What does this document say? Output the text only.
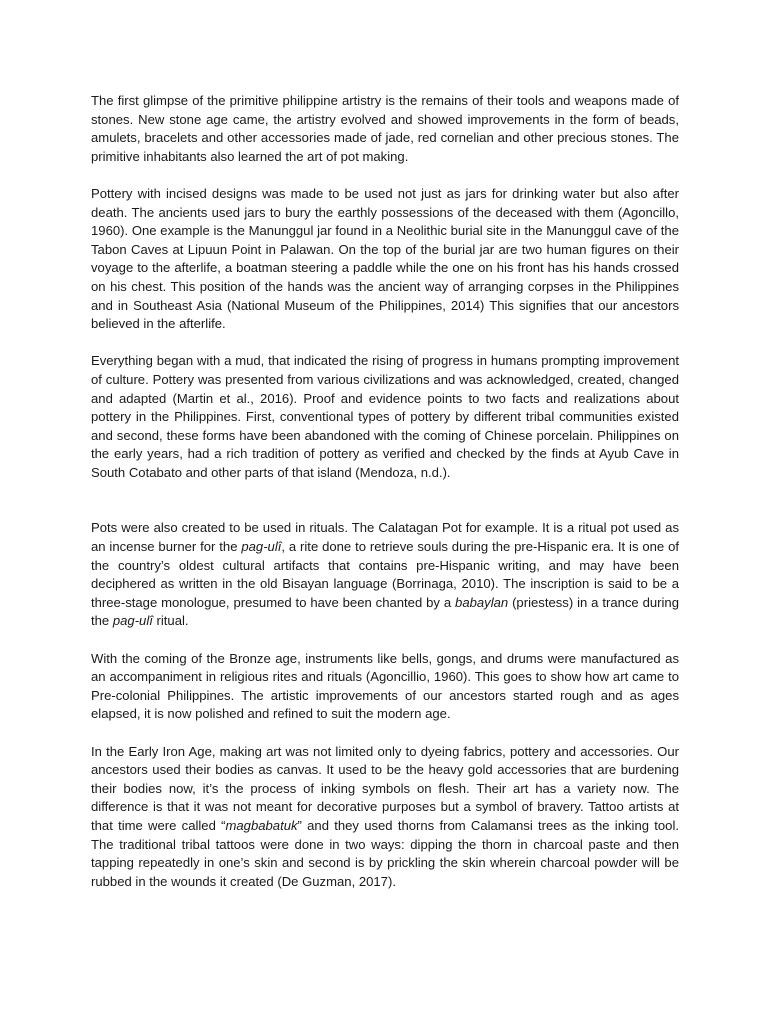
The first glimpse of the primitive philippine artistry is the remains of their tools and weapons made of stones. New stone age came, the artistry evolved and showed improvements in the form of beads, amulets, bracelets and other accessories made of jade, red cornelian and other precious stones. The primitive inhabitants also learned the art of pot making.

Pottery with incised designs was made to be used not just as jars for drinking water but also after death. The ancients used jars to bury the earthly possessions of the deceased with them (Agoncillo, 1960). One example is the Manunggul jar found in a Neolithic burial site in the Manunggul cave of the Tabon Caves at Lipuun Point in Palawan. On the top of the burial jar are two human figures on their voyage to the afterlife, a boatman steering a paddle while the one on his front has his hands crossed on his chest. This position of the hands was the ancient way of arranging corpses in the Philippines and in Southeast Asia (National Museum of the Philippines, 2014) This signifies that our ancestors believed in the afterlife.

Everything began with a mud, that indicated the rising of progress in humans prompting improvement of culture. Pottery was presented from various civilizations and was acknowledged, created, changed and adapted (Martin et al., 2016). Proof and evidence points to two facts and realizations about pottery in the Philippines. First, conventional types of pottery by different tribal communities existed and second, these forms have been abandoned with the coming of Chinese porcelain. Philippines on the early years, had a rich tradition of pottery as verified and checked by the finds at Ayub Cave in South Cotabato and other parts of that island (Mendoza, n.d.).

Pots were also created to be used in rituals. The Calatagan Pot for example. It is a ritual pot used as an incense burner for the pag-ulî, a rite done to retrieve souls during the pre-Hispanic era. It is one of the country’s oldest cultural artifacts that contains pre-Hispanic writing, and may have been deciphered as written in the old Bisayan language (Borrinaga, 2010). The inscription is said to be a three-stage monologue, presumed to have been chanted by a babaylan (priestess) in a trance during the pag-ulî ritual.

With the coming of the Bronze age, instruments like bells, gongs, and drums were manufactured as an accompaniment in religious rites and rituals (Agoncillio, 1960). This goes to show how art came to Pre-colonial Philippines. The artistic improvements of our ancestors started rough and as ages elapsed, it is now polished and refined to suit the modern age.

In the Early Iron Age, making art was not limited only to dyeing fabrics, pottery and accessories. Our ancestors used their bodies as canvas. It used to be the heavy gold accessories that are burdening their bodies now, it’s the process of inking symbols on flesh. Their art has a variety now. The difference is that it was not meant for decorative purposes but a symbol of bravery. Tattoo artists at that time were called “magbabatuk” and they used thorns from Calamansi trees as the inking tool. The traditional tribal tattoos were done in two ways: dipping the thorn in charcoal paste and then tapping repeatedly in one’s skin and second is by prickling the skin wherein charcoal powder will be rubbed in the wounds it created (De Guzman, 2017).
